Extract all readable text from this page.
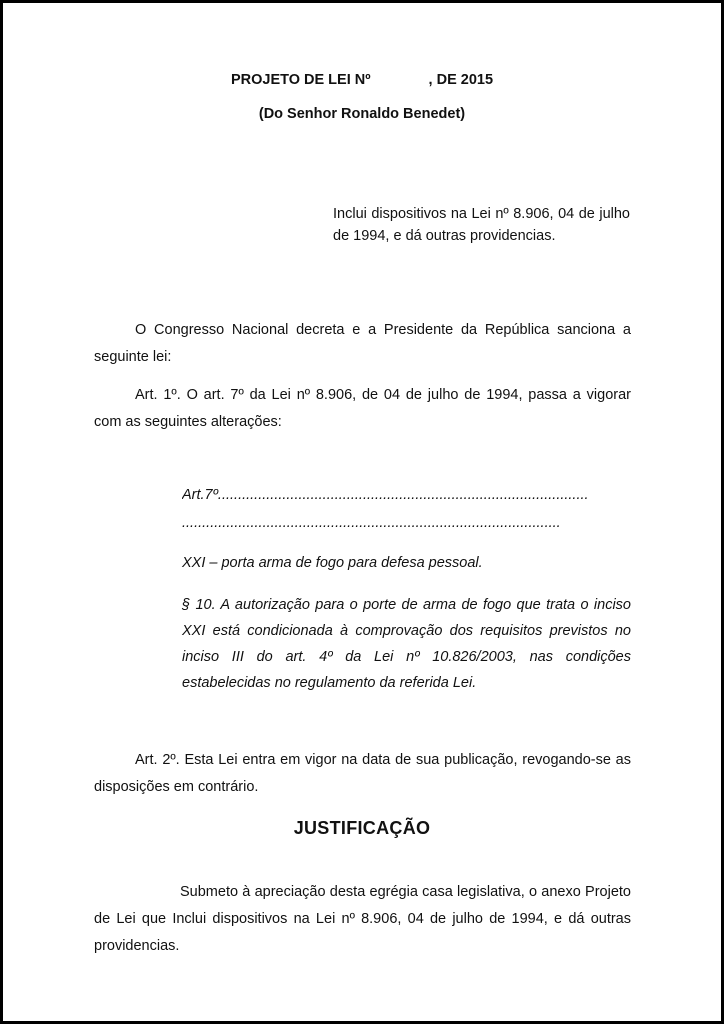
PROJETO DE LEI Nº	, DE 2015

(Do Senhor Ronaldo Benedet)

Inclui dispositivos na Lei nº 8.906, 04 de julho de 1994, e dá outras providencias.

O Congresso Nacional decreta e a Presidente da República sanciona a seguinte lei:

Art. 1º. O art. 7º da Lei nº 8.906, de 04 de julho de 1994, passa a vigorar com as seguintes alterações:

Art.7º............................................................................................
..............................................................................................

XXI – porta arma de fogo para defesa pessoal.

§ 10. A autorização para o porte de arma de fogo que trata o inciso XXI está condicionada à comprovação dos requisitos previstos no inciso III do art. 4º da Lei nº 10.826/2003, nas condições estabelecidas no regulamento da referida Lei.

Art. 2º. Esta Lei entra em vigor na data de sua publicação, revogando-se as disposições em contrário.

JUSTIFICAÇÃO

Submeto à apreciação desta egrégia casa legislativa, o anexo Projeto de Lei que Inclui dispositivos na Lei nº 8.906, 04 de julho de 1994, e dá outras providencias.
